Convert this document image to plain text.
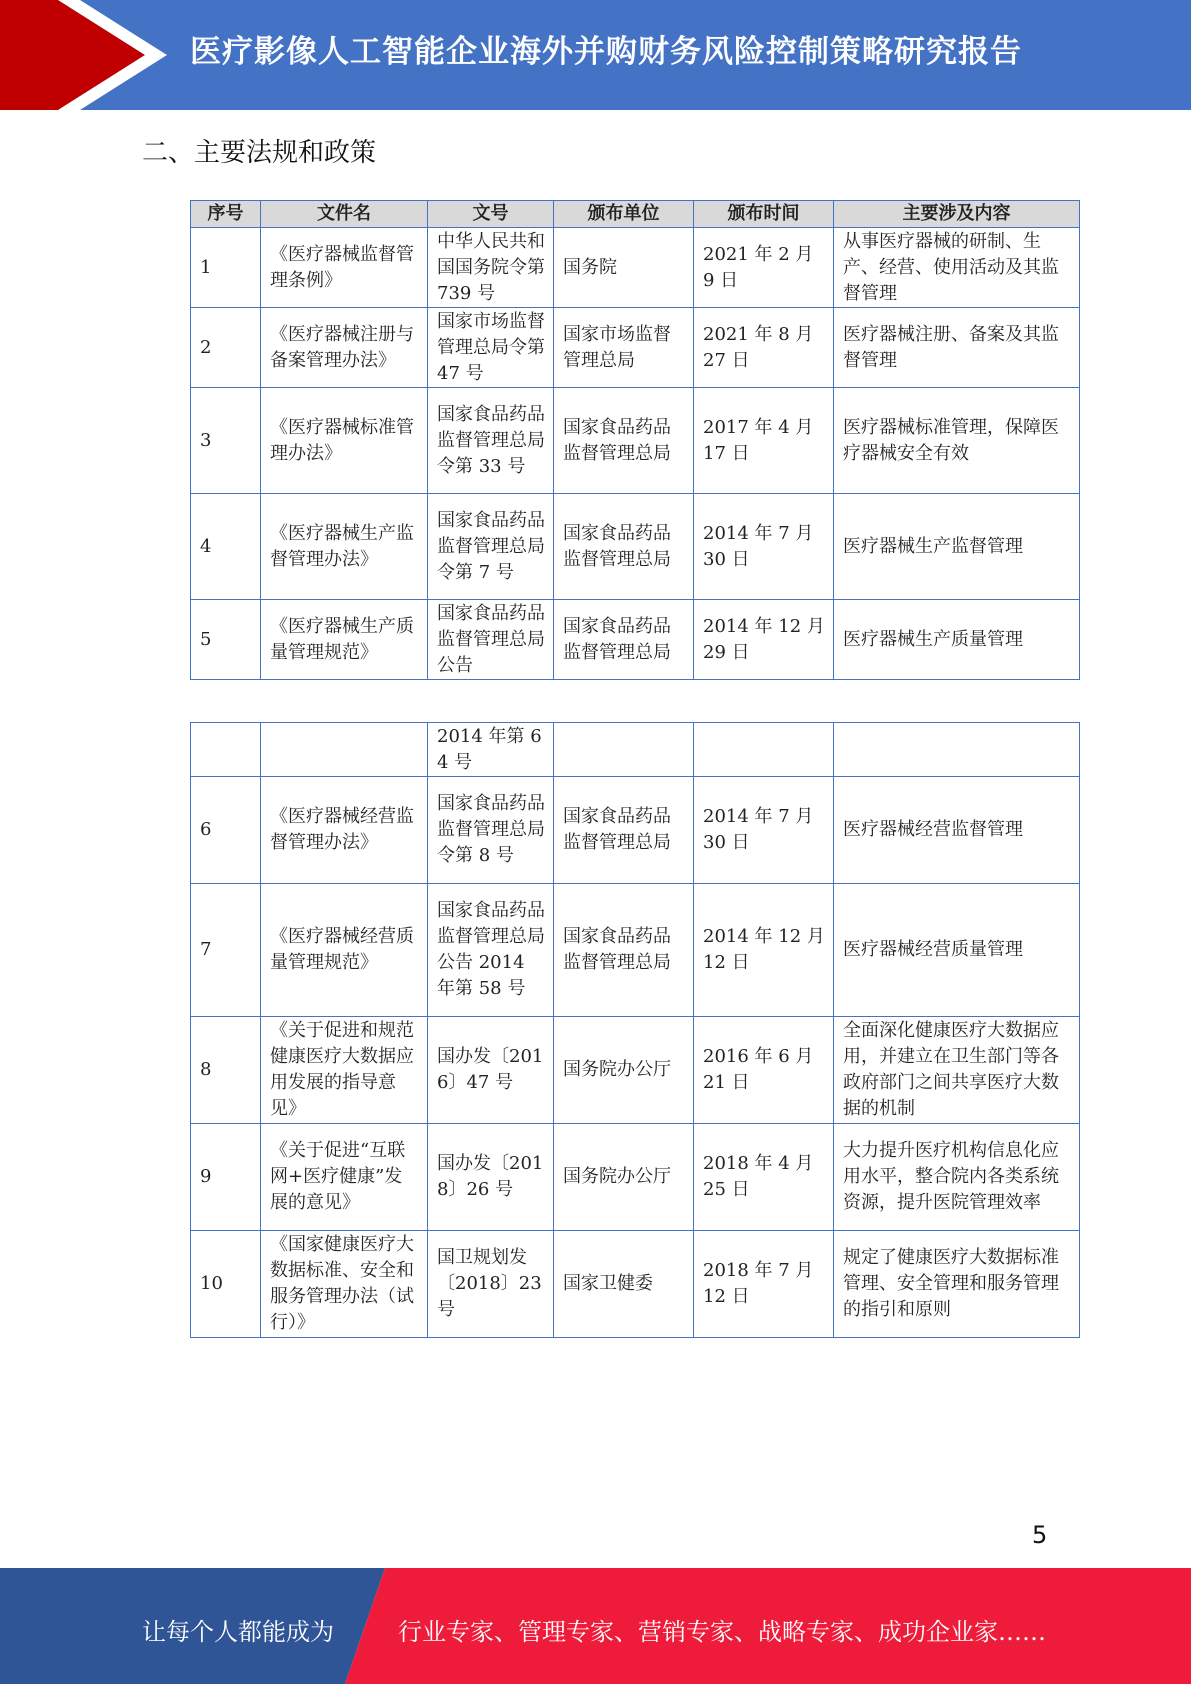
医疗影像人工智能企业海外并购财务风险控制策略研究报告
二、主要法规和政策
序号	文件名	文号	颁布单位	颁布时间	主要涉及内容
1	《医疗器械监督管理条例》	中华人民共和国国务院令第 739 号	国务院	2021 年 2 月 9 日	从事医疗器械的研制、生产、经营、使用活动及其监督管理
2	《医疗器械注册与备案管理办法》	国家市场监督管理总局令第 47 号	国家市场监督管理总局	2021 年 8 月 27 日	医疗器械注册、备案及其监督管理
3	《医疗器械标准管理办法》	国家食品药品监督管理总局令第 33 号	国家食品药品监督管理总局	2017 年 4 月 17 日	医疗器械标准管理，保障医疗器械安全有效
4	《医疗器械生产监督管理办法》	国家食品药品监督管理总局令第 7 号	国家食品药品监督管理总局	2014 年 7 月 30 日	医疗器械生产监督管理
5	《医疗器械生产质量管理规范》	国家食品药品监督管理总局公告	国家食品药品监督管理总局	2014 年 12 月 29 日	医疗器械生产质量管理
		2014 年第 64 号			
6	《医疗器械经营监督管理办法》	国家食品药品监督管理总局令第 8 号	国家食品药品监督管理总局	2014 年 7 月 30 日	医疗器械经营监督管理
7	《医疗器械经营质量管理规范》	国家食品药品监督管理总局公告 2014 年第 58 号	国家食品药品监督管理总局	2014 年 12 月 12 日	医疗器械经营质量管理
8	《关于促进和规范健康医疗大数据应用发展的指导意见》	国办发〔2016〕47 号	国务院办公厅	2016 年 6 月 21 日	全面深化健康医疗大数据应用，并建立在卫生部门等各政府部门之间共享医疗大数据的机制
9	《关于促进“互联网+医疗健康”发展的意见》	国办发〔2018〕26 号	国务院办公厅	2018 年 4 月 25 日	大力提升医疗机构信息化应用水平，整合院内各类系统资源，提升医院管理效率
10	《国家健康医疗大数据标准、安全和服务管理办法（试行）》	国卫规划发〔2018〕23 号	国家卫健委	2018 年 7 月 12 日	规定了健康医疗大数据标准管理、安全管理和服务管理的指引和原则
5
让每个人都能成为	行业专家、管理专家、营销专家、战略专家、成功企业家……
